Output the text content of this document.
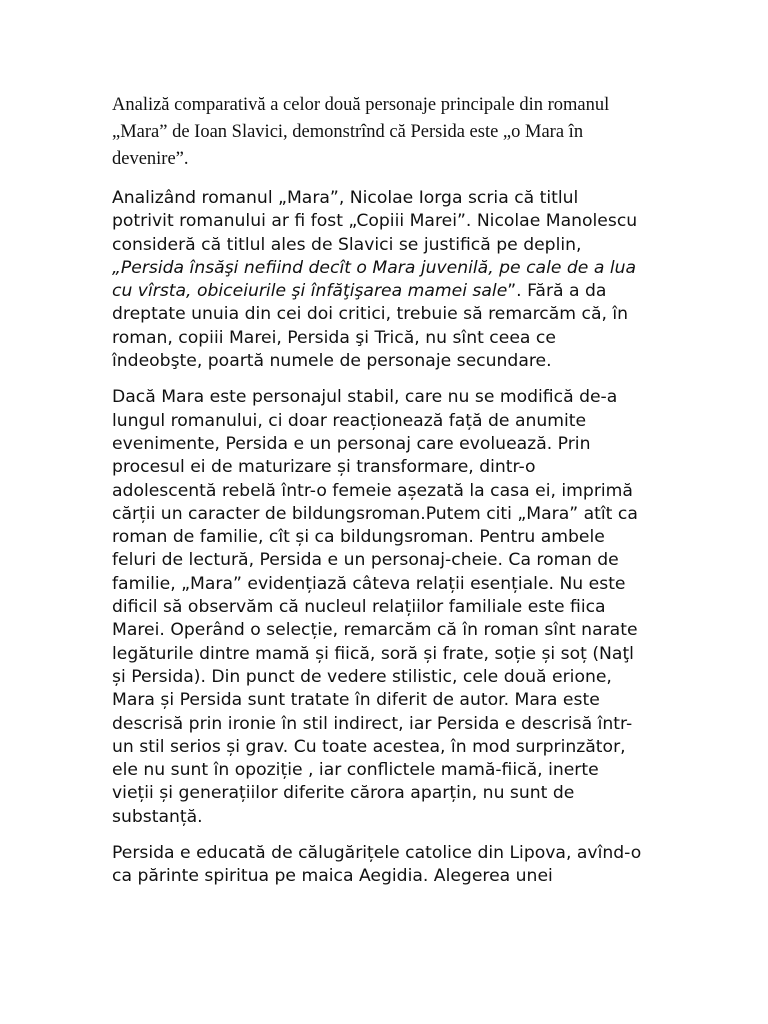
Analiză comparativă a celor două personaje principale din romanul
„Mara” de Ioan Slavici, demonstrînd că Persida este „o Mara în
devenire”.
Analizând romanul „Mara”, Nicolae Iorga scria că titlul
potrivit romanului ar fi fost „Copiii Marei”. Nicolae Manolescu
consideră că titlul ales de Slavici se justifică pe deplin,
„Persida însăşi nefiind decît o Mara juvenilă, pe cale de a lua
cu vîrsta, obiceiurile şi înfăţişarea mamei sale”. Fără a da
dreptate unuia din cei doi critici, trebuie să remarcăm că, în
roman, copiii Marei, Persida şi Trică, nu sînt ceea ce
îndeobşte, poartă numele de personaje secundare.
Dacă Mara este personajul stabil, care nu se modifică de-a
lungul romanului, ci doar reacționează față de anumite
evenimente, Persida e un personaj care evoluează. Prin
procesul ei de maturizare și transformare, dintr-o
adolescentă rebelă într-o femeie așezată la casa ei, imprimă
cărții un caracter de bildungsroman.Putem citi „Mara” atît ca
roman de familie, cît și ca bildungsroman. Pentru ambele
feluri de lectură, Persida e un personaj-cheie. Ca roman de
familie, „Mara” evidențiază câteva relații esențiale. Nu este
dificil să observăm că nucleul relațiilor familiale este fiica
Marei. Operând o selecție, remarcăm că în roman sînt narate
legăturile dintre mamă și fiică, soră și frate, soție și soț (Naţl
și Persida). Din punct de vedere stilistic, cele două erione,
Mara și Persida sunt tratate în diferit de autor. Mara este
descrisă prin ironie în stil indirect, iar Persida e descrisă într-
un stil serios și grav. Cu toate acestea, în mod surprinzător,
ele nu sunt în opoziție , iar conflictele mamă-fiică, inerte
vieții și generațiilor diferite cărora aparțin, nu sunt de
substanță.
Persida e educată de călugărițele catolice din Lipova, avînd-o
ca părinte spiritua pe maica Aegidia. Alegerea unei
